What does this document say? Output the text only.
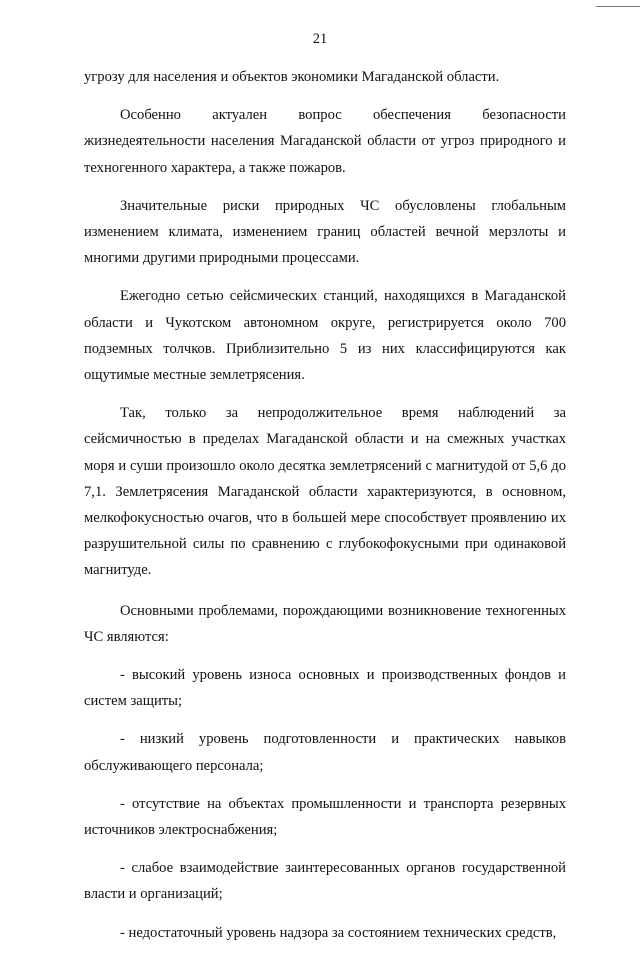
21

угрозу для населения и объектов экономики Магаданской области.

Особенно актуален вопрос обеспечения безопасности жизнедеятельности населения Магаданской области от угроз природного и техногенного характера, а также пожаров.

Значительные риски природных ЧС обусловлены глобальным изменением климата, изменением границ областей вечной мерзлоты и многими другими природными процессами.

Ежегодно сетью сейсмических станций, находящихся в Магаданской области и Чукотском автономном округе, регистрируется около 700 подземных толчков. Приблизительно 5 из них классифицируются как ощутимые местные землетрясения.

Так, только за непродолжительное время наблюдений за сейсмичностью в пределах Магаданской области и на смежных участках моря и суши произошло около десятка землетрясений с магнитудой от 5,6 до 7,1. Землетрясения Магаданской области характеризуются, в основном, мелкофокусностью очагов, что в большей мере способствует проявлению их разрушительной силы по сравнению с глубокофокусными при одинаковой магнитуде.

Основными проблемами, порождающими возникновение техногенных ЧС являются:

- высокий уровень износа основных и производственных фондов и систем защиты;

- низкий уровень подготовленности и практических навыков обслуживающего персонала;

- отсутствие на объектах промышленности и транспорта резервных источников электроснабжения;

- слабое взаимодействие заинтересованных органов государственной власти и организаций;

- недостаточный уровень надзора за состоянием технических средств,
